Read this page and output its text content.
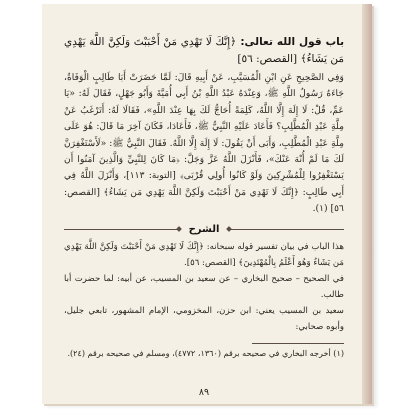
باب قول الله تعالى: ﴿إِنَّكَ لَا تَهْدِي مَنْ أَحْبَبْتَ وَلَكِنَّ اللَّهَ يَهْدِي مَن يَشَاءُ﴾ [القصص: ٥٦]

وَفِي الصَّحِيحِ عَنِ ابْنِ الْمُسَيَّبِ، عَنْ أَبِيهِ قَالَ: لَمَّا حَضَرَتْ أَبَا طَالِبٍ الْوَفَاةُ، جَاءَهُ رَسُولُ اللَّهِ ﷺ، وَعِنْدَهُ عَبْدُ اللَّهِ بْنُ أَبِي أُمَيَّةَ وَأَبُو جَهْلٍ، فَقَالَ لَهُ: «يَا عَمِّ، قُلْ: لَا إِلَهَ إِلَّا اللَّهُ، كَلِمَةً أُحَاجُّ لَكَ بِهَا عِنْدَ اللَّهِ»، فَقَالَا لَهُ: أَتَرْغَبُ عَنْ مِلَّةِ عَبْدِ الْمُطَّلِبِ؟ فَأَعَادَ عَلَيْهِ النَّبِيُّ ﷺ، فَأَعَادَا، فَكَانَ آخِرَ مَا قَالَ: هُوَ عَلَى مِلَّةِ عَبْدِ الْمُطَّلِبِ، وَأَبَى أَنْ يَقُولَ: لَا إِلَهَ إِلَّا اللَّهُ. فَقَالَ النَّبِيُّ ﷺ: «لَأَسْتَغْفِرَنَّ لَكَ مَا لَمْ أُنْهَ عَنْكَ»، فَأَنْزَلَ اللَّهُ عَزَّ وَجَلَّ: ﴿مَا كَانَ لِلنَّبِيِّ وَالَّذِينَ آمَنُوا أَن يَسْتَغْفِرُوا لِلْمُشْرِكِينَ وَلَوْ كَانُوا أُولِي قُرْبَى﴾ [التوبة: ١١٣]، وَأَنْزَلَ اللَّهُ فِي أَبِي طَالِبٍ: ﴿إِنَّكَ لَا تَهْدِي مَنْ أَحْبَبْتَ وَلَكِنَّ اللَّهَ يَهْدِي مَن يَشَاءُ﴾ [القصص: ٥٦] (١).

الشرح

هذا الباب في بيان تفسير قوله سبحانه: ﴿إِنَّكَ لَا تَهْدِي مَنْ أَحْبَبْتَ وَلَكِنَّ اللَّهَ يَهْدِي مَن يَشَاءُ وَهُوَ أَعْلَمُ بِالْمُهْتَدِينَ﴾ [القصص: ٥٦].

في الصحيح – صحيح البخاري – عن سعيد بن المسيب، عن أبيه: لما حضرت أبا طالب.

سعيد بن المسيب يعني: ابن حزن، المخزومي، الإمام المشهور، تابعي جليل، وأبوه صحابي:

(١) أخرجه البخاري في صحيحه برقم (١٣٦٠، ٤٧٧٢)، ومسلم في صحيحه برقم (٢٤).

٨٩
